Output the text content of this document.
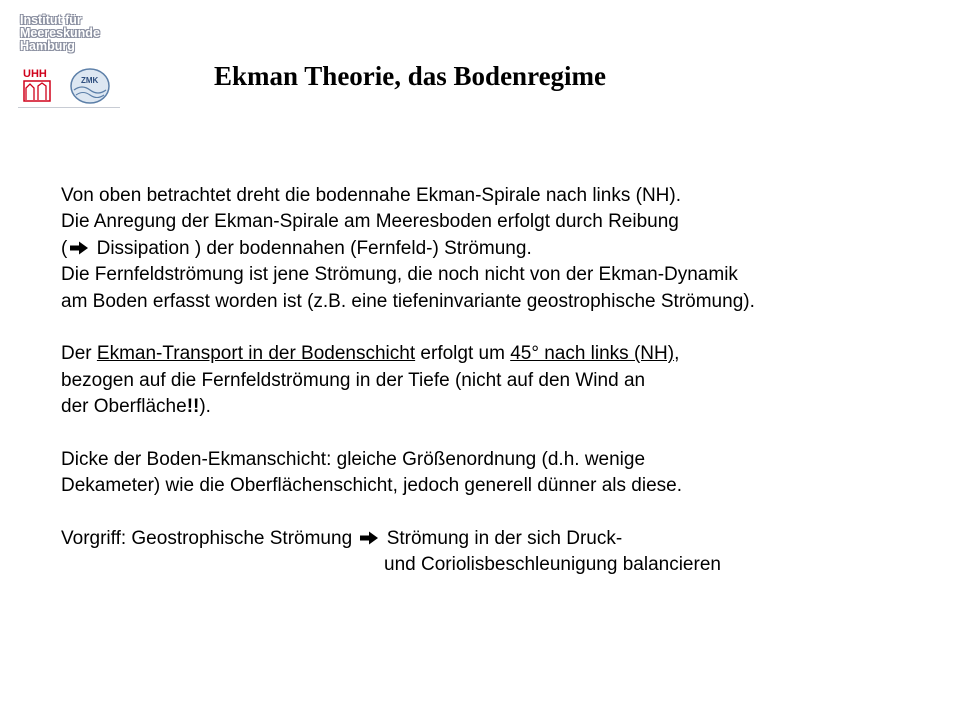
Institut für
Meereskunde
Hamburg
UHH
ZMK	Ekman Theorie, das Bodenregime
Von oben betrachtet dreht die bodennahe Ekman-Spirale nach links (NH).
Die Anregung der Ekman-Spirale am Meeresboden erfolgt durch Reibung
( Dissipation ) der bodennahen (Fernfeld-) Strömung.
Die Fernfeldströmung ist jene Strömung, die noch nicht von der Ekman-Dynamik
am Boden erfasst worden ist (z.B. eine tiefeninvariante geostrophische Strömung).
Der Ekman-Transport in der Bodenschicht erfolgt um 45° nach links (NH),
bezogen auf die Fernfeldströmung in der Tiefe (nicht auf den Wind an
der Oberfläche!!).
Dicke der Boden-Ekmanschicht: gleiche Größenordnung (d.h. wenige
Dekameter) wie die Oberflächenschicht, jedoch generell dünner als diese.
Vorgriff: Geostrophische Strömung  Strömung in der sich Druck-
und Coriolisbeschleunigung balancieren
